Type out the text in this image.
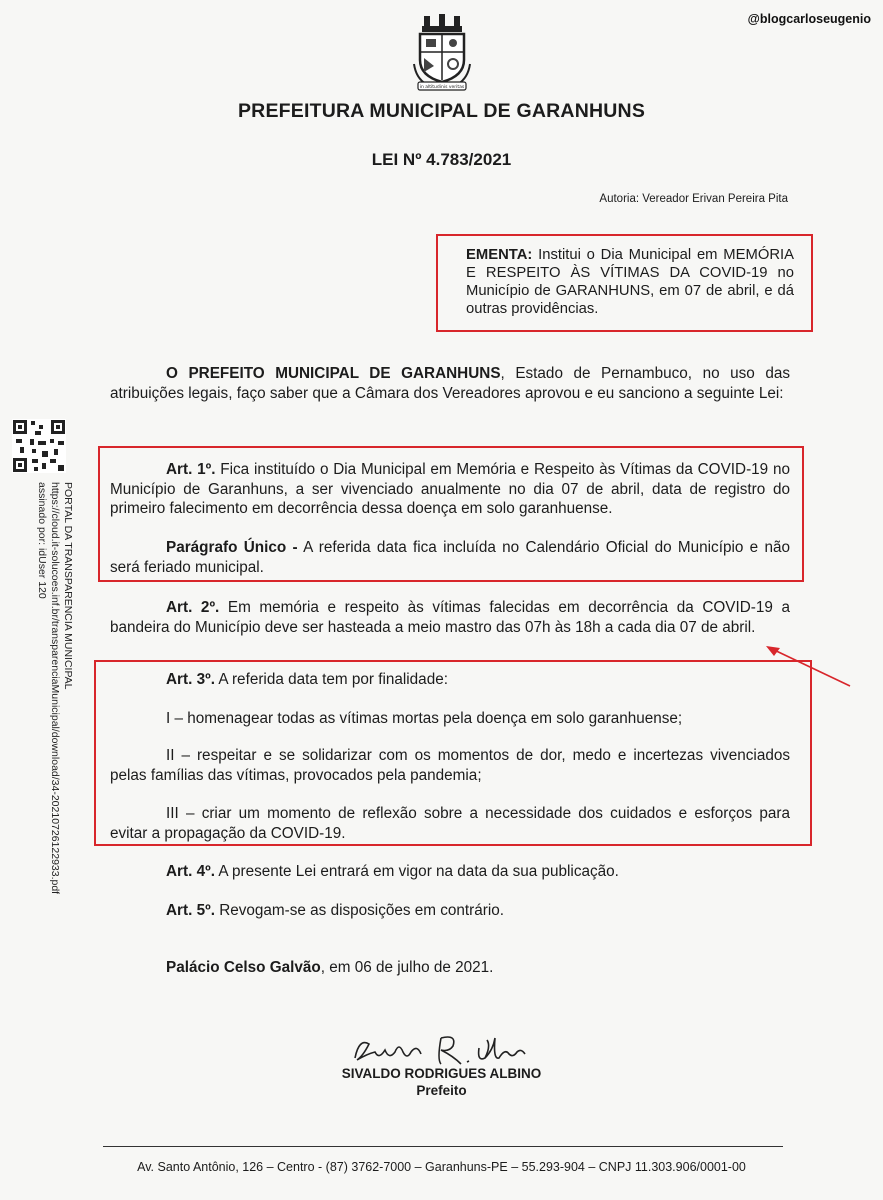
@blogcarloseugenio
in altitudinis veritas
PREFEITURA MUNICIPAL DE GARANHUNS
LEI Nº 4.783/2021
Autoria: Vereador Erivan Pereira Pita
EMENTA: Institui o Dia Municipal em MEMÓRIA E RESPEITO ÀS VÍTIMAS DA COVID-19 no Município de GARANHUNS, em 07 de abril, e dá outras providências.
O PREFEITO MUNICIPAL DE GARANHUNS, Estado de Pernambuco, no uso das atribuições legais, faço saber que a Câmara dos Vereadores aprovou e eu sanciono a seguinte Lei:
Art. 1º. Fica instituído o Dia Municipal em Memória e Respeito às Vítimas da COVID-19 no Município de Garanhuns, a ser vivenciado anualmente no dia 07 de abril, data de registro do primeiro falecimento em decorrência dessa doença em solo garanhuense.
Parágrafo Único - A referida data fica incluída no Calendário Oficial do Município e não será feriado municipal.
Art. 2º. Em memória e respeito às vítimas falecidas em decorrência da COVID-19 a bandeira do Município deve ser hasteada a meio mastro das 07h às 18h a cada dia 07 de abril.
Art. 3º. A referida data tem por finalidade:
I – homenagear todas as vítimas mortas pela doença em solo garanhuense;
II – respeitar e se solidarizar com os momentos de dor, medo e incertezas vivenciados pelas famílias das vítimas, provocados pela pandemia;
III – criar um momento de reflexão sobre a necessidade dos cuidados e esforços para evitar a propagação da COVID-19.
Art. 4º. A presente Lei entrará em vigor na data da sua publicação.
Art. 5º. Revogam-se as disposições em contrário.
Palácio Celso Galvão, em 06 de julho de 2021.
SIVALDO RODRIGUES ALBINO
Prefeito
PORTAL DA TRANSPARENCIA MUNICIPAL
https://cloud.it-solucoes.inf.br/transparenciaMunicipal/download/34-20210726122933.pdf
assinado por: idUser 120
Av. Santo Antônio, 126 – Centro - (87) 3762-7000 – Garanhuns-PE – 55.293-904 – CNPJ 11.303.906/0001-00
